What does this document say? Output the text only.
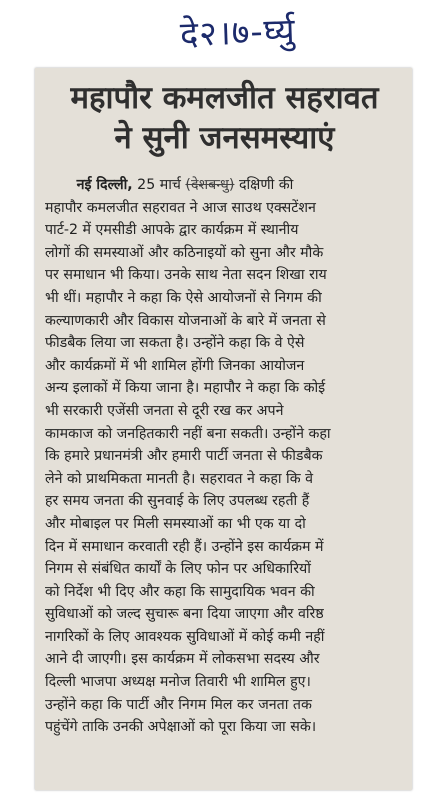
दे२।७-र्घ्यु
महापौर कमलजीत सहरावत
ने सुनी जनसमस्याएं
नई दिल्ली, 25 मार्च (देशबन्धु) दक्षिणी की
महापौर कमलजीत सहरावत ने आज साउथ एक्सटेंशन
पार्ट-2 में एमसीडी आपके द्वार कार्यक्रम में स्थानीय
लोगों की समस्याओं और कठिनाइयों को सुना और मौके
पर समाधान भी किया। उनके साथ नेता सदन शिखा राय
भी थीं। महापौर ने कहा कि ऐसे आयोजनों से निगम की
कल्याणकारी और विकास योजनाओं के बारे में जनता से
फीडबैक लिया जा सकता है। उन्होंने कहा कि वे ऐसे
और कार्यक्रमों में भी शामिल होंगी जिनका आयोजन
अन्य इलाकों में किया जाना है। महापौर ने कहा कि कोई
भी सरकारी एजेंसी जनता से दूरी रख कर अपने
कामकाज को जनहितकारी नहीं बना सकती। उन्होंने कहा
कि हमारे प्रधानमंत्री और हमारी पार्टी जनता से फीडबैक
लेने को प्राथमिकता मानती है। सहरावत ने कहा कि वे
हर समय जनता की सुनवाई के लिए उपलब्ध रहती हैं
और मोबाइल पर मिली समस्याओं का भी एक या दो
दिन में समाधान करवाती रही हैं। उन्होंने इस कार्यक्रम में
निगम से संबंधित कार्यों के लिए फोन पर अधिकारियों
को निर्देश भी दिए और कहा कि सामुदायिक भवन की
सुविधाओं को जल्द सुचारू बना दिया जाएगा और वरिष्ठ
नागरिकों के लिए आवश्यक सुविधाओं में कोई कमी नहीं
आने दी जाएगी। इस कार्यक्रम में लोकसभा सदस्य और
दिल्ली भाजपा अध्यक्ष मनोज तिवारी भी शामिल हुए।
उन्होंने कहा कि पार्टी और निगम मिल कर जनता तक
पहुंचेंगे ताकि उनकी अपेक्षाओं को पूरा किया जा सके।
